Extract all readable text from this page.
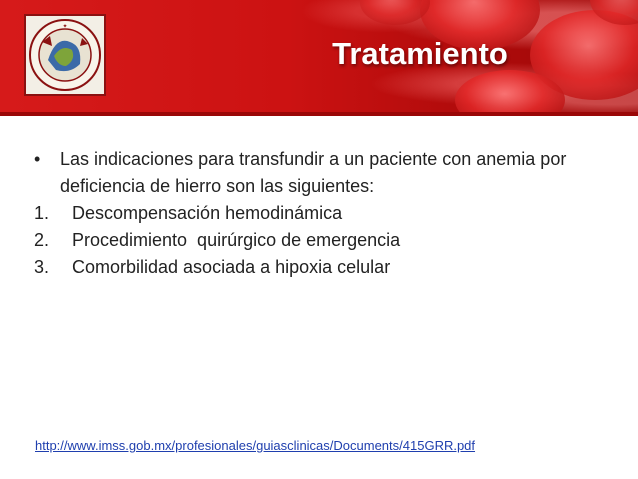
✦
Tratamiento
•	Las indicaciones para transfundir a un paciente con anemia por deficiencia de hierro son las siguientes:
1.	Descompensación hemodinámica
2.	Procedimiento  quirúrgico de emergencia
3.	Comorbilidad asociada a hipoxia celular
http://www.imss.gob.mx/profesionales/guiasclinicas/Documents/415GRR.pdf
